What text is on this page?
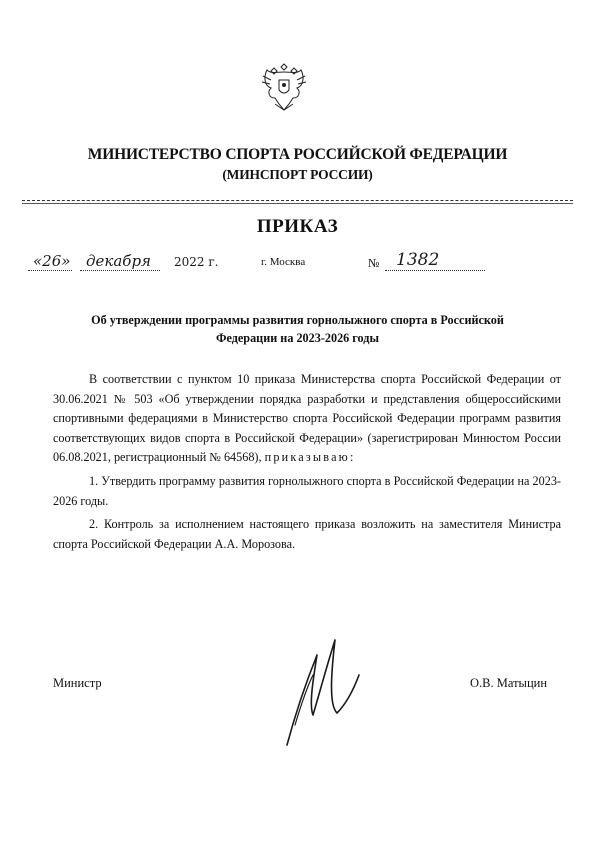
МИНИСТЕРСТВО СПОРТА РОССИЙСКОЙ ФЕДЕРАЦИИ
(МИНСПОРТ РОССИИ)
ПРИКАЗ
«26» декабря 2022 г.	г. Москва	№ 1382
Об утверждении программы развития горнолыжного спорта в Российской Федерации на 2023-2026 годы

В соответствии с пунктом 10 приказа Министерства спорта Российской Федерации от 30.06.2021 № 503 «Об утверждении порядка разработки и представления общероссийскими спортивными федерациями в Министерство спорта Российской Федерации программ развития соответствующих видов спорта в Российской Федерации» (зарегистрирован Минюстом России 06.08.2021, регистрационный № 64568), приказываю:

1. Утвердить программу развития горнолыжного спорта в Российской Федерации на 2023-2026 годы.

2. Контроль за исполнением настоящего приказа возложить на заместителя Министра спорта Российской Федерации А.А. Морозова.

Министр	О.В. Матыцин
